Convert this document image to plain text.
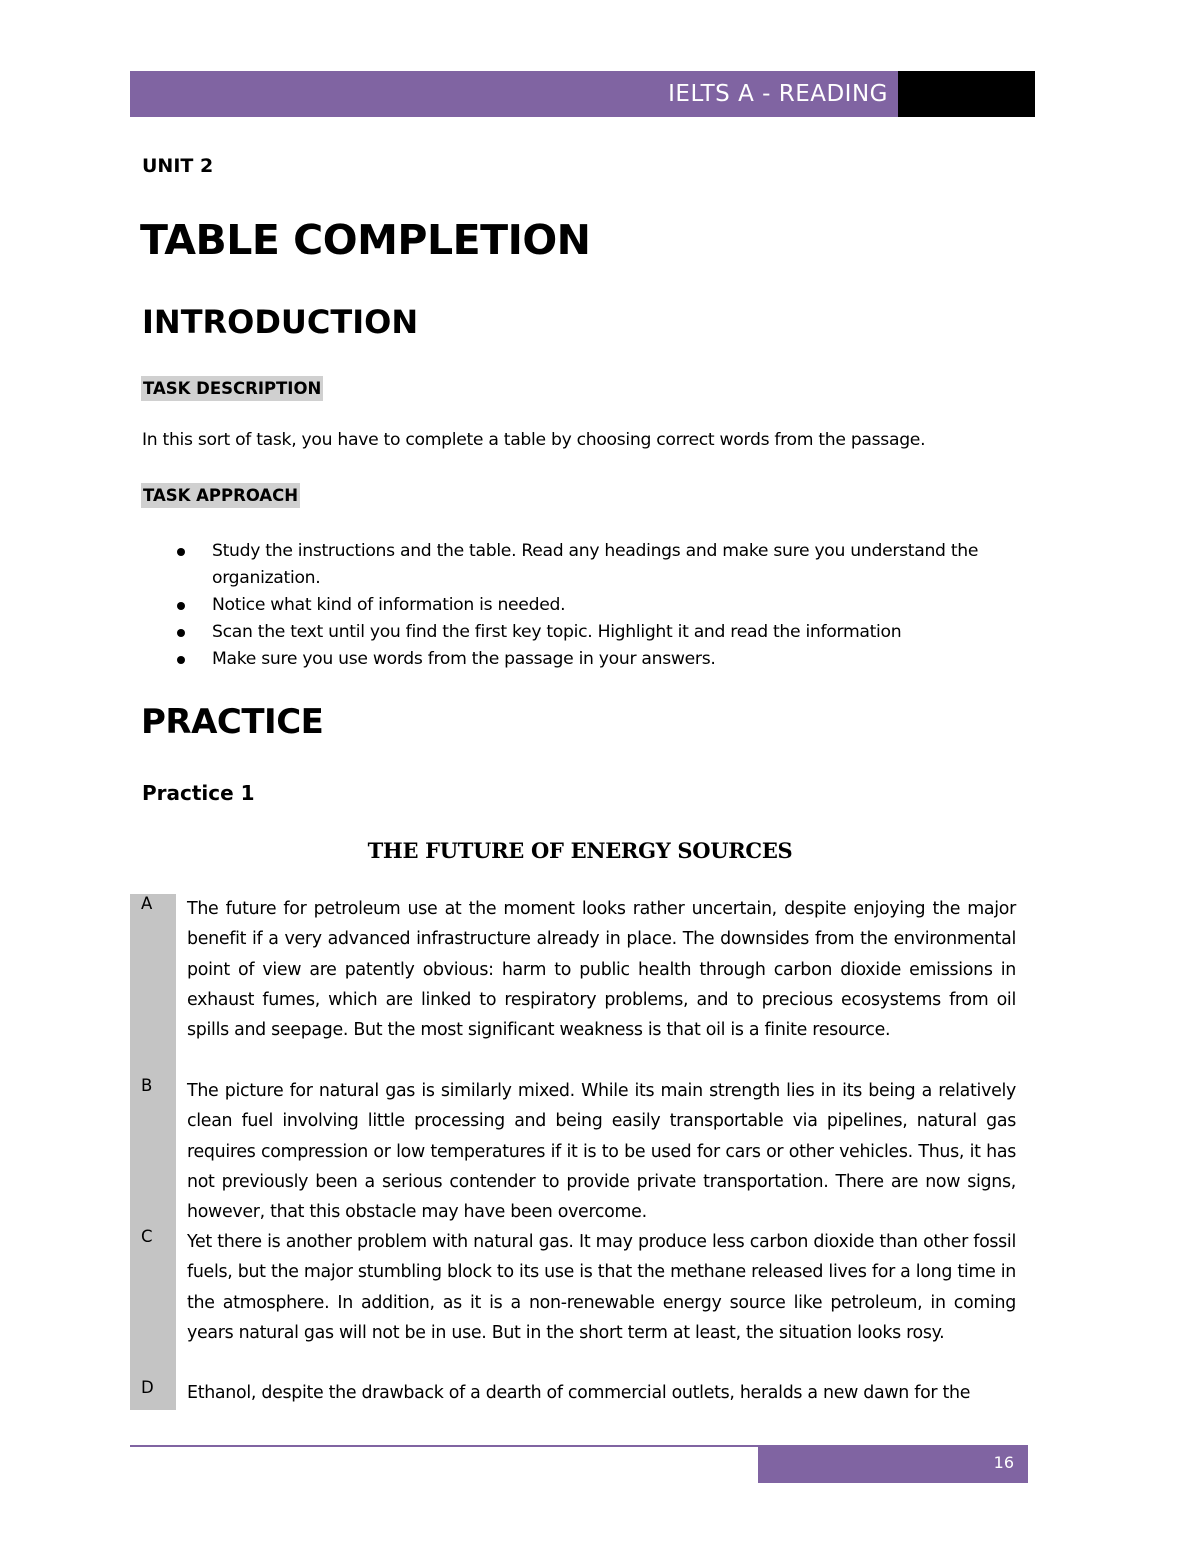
IELTS A - READING
UNIT 2
TABLE COMPLETION
INTRODUCTION
TASK DESCRIPTION

In this sort of task, you have to complete a table by choosing correct words from the passage.

TASK APPROACH
Study the instructions and the table. Read any headings and make sure you understand the organization.
Notice what kind of information is needed.
Scan the text until you find the first key topic. Highlight it and read the information
Make sure you use words from the passage in your answers.
PRACTICE
Practice 1
THE FUTURE OF ENERGY SOURCES
A The future for petroleum use at the moment looks rather uncertain, despite enjoying the major benefit if a very advanced infrastructure already in place. The downsides from the environmental point of view are patently obvious: harm to public health through carbon dioxide emissions in exhaust fumes, which are linked to respiratory problems, and to precious ecosystems from oil spills and seepage. But the most significant weakness is that oil is a finite resource.

B The picture for natural gas is similarly mixed. While its main strength lies in its being a relatively clean fuel involving little processing and being easily transportable via pipelines, natural gas requires compression or low temperatures if it is to be used for cars or other vehicles. Thus, it has not previously been a serious contender to provide private transportation. There are now signs, however, that this obstacle may have been overcome.

C Yet there is another problem with natural gas. It may produce less carbon dioxide than other fossil fuels, but the major stumbling block to its use is that the methane released lives for a long time in the atmosphere. In addition, as it is a non-renewable energy source like petroleum, in coming years natural gas will not be in use. But in the short term at least, the situation looks rosy.

D Ethanol, despite the drawback of a dearth of commercial outlets, heralds a new dawn for the

16
